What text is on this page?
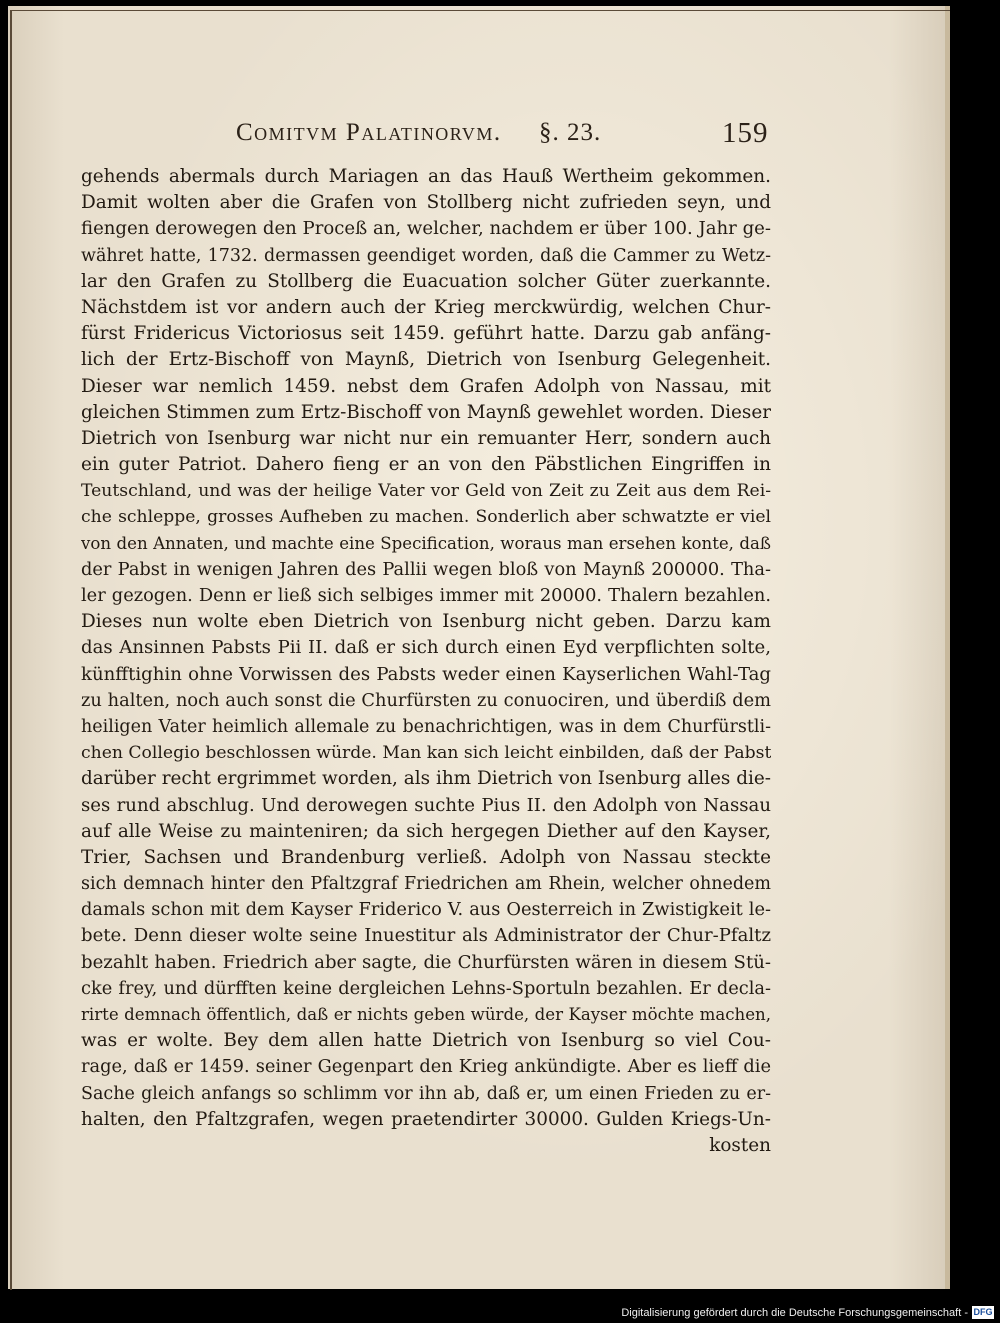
Comitvm Palatinorvm. §. 23.	159
gehends abermals durch Mariagen an das Hauß Wertheim gekommen.
Damit wolten aber die Grafen von Stollberg nicht zufrieden seyn, und
fiengen derowegen den Proceß an, welcher, nachdem er über 100. Jahr ge-
währet hatte, 1732. dermassen geendiget worden, daß die Cammer zu Wetz-
lar den Grafen zu Stollberg die Euacuation solcher Güter zuerkannte.
Nächstdem ist vor andern auch der Krieg merckwürdig, welchen Chur-
fürst Fridericus Victoriosus seit 1459. geführt hatte. Darzu gab anfäng-
lich der Ertz-Bischoff von Maynß, Dietrich von Isenburg Gelegenheit.
Dieser war nemlich 1459. nebst dem Grafen Adolph von Nassau, mit
gleichen Stimmen zum Ertz-Bischoff von Maynß gewehlet worden. Dieser
Dietrich von Isenburg war nicht nur ein remuanter Herr, sondern auch
ein guter Patriot. Dahero fieng er an von den Päbstlichen Eingriffen in
Teutschland, und was der heilige Vater vor Geld von Zeit zu Zeit aus dem Rei-
che schleppe, grosses Aufheben zu machen. Sonderlich aber schwatzte er viel
von den Annaten, und machte eine Specification, woraus man ersehen konte, daß
der Pabst in wenigen Jahren des Pallii wegen bloß von Maynß 200000. Tha-
ler gezogen. Denn er ließ sich selbiges immer mit 20000. Thalern bezahlen.
Dieses nun wolte eben Dietrich von Isenburg nicht geben. Darzu kam
das Ansinnen Pabsts Pii II. daß er sich durch einen Eyd verpflichten solte,
künfftighin ohne Vorwissen des Pabsts weder einen Kayserlichen Wahl-Tag
zu halten, noch auch sonst die Churfürsten zu conuociren, und überdiß dem
heiligen Vater heimlich allemale zu benachrichtigen, was in dem Churfürstli-
chen Collegio beschlossen würde. Man kan sich leicht einbilden, daß der Pabst
darüber recht ergrimmet worden, als ihm Dietrich von Isenburg alles die-
ses rund abschlug. Und derowegen suchte Pius II. den Adolph von Nassau
auf alle Weise zu mainteniren; da sich hergegen Diether auf den Kayser,
Trier, Sachsen und Brandenburg verließ. Adolph von Nassau steckte
sich demnach hinter den Pfaltzgraf Friedrichen am Rhein, welcher ohnedem
damals schon mit dem Kayser Friderico V. aus Oesterreich in Zwistigkeit le-
bete. Denn dieser wolte seine Inuestitur als Administrator der Chur-Pfaltz
bezahlt haben. Friedrich aber sagte, die Churfürsten wären in diesem Stü-
cke frey, und dürfften keine dergleichen Lehns-Sportuln bezahlen. Er decla-
rirte demnach öffentlich, daß er nichts geben würde, der Kayser möchte machen,
was er wolte. Bey dem allen hatte Dietrich von Isenburg so viel Cou-
rage, daß er 1459. seiner Gegenpart den Krieg ankündigte. Aber es lieff die
Sache gleich anfangs so schlimm vor ihn ab, daß er, um einen Frieden zu er-
halten, den Pfaltzgrafen, wegen praetendirter 30000. Gulden Kriegs-Un-
kosten
Digitalisierung gefördert durch die Deutsche Forschungsgemeinschaft - DFG
